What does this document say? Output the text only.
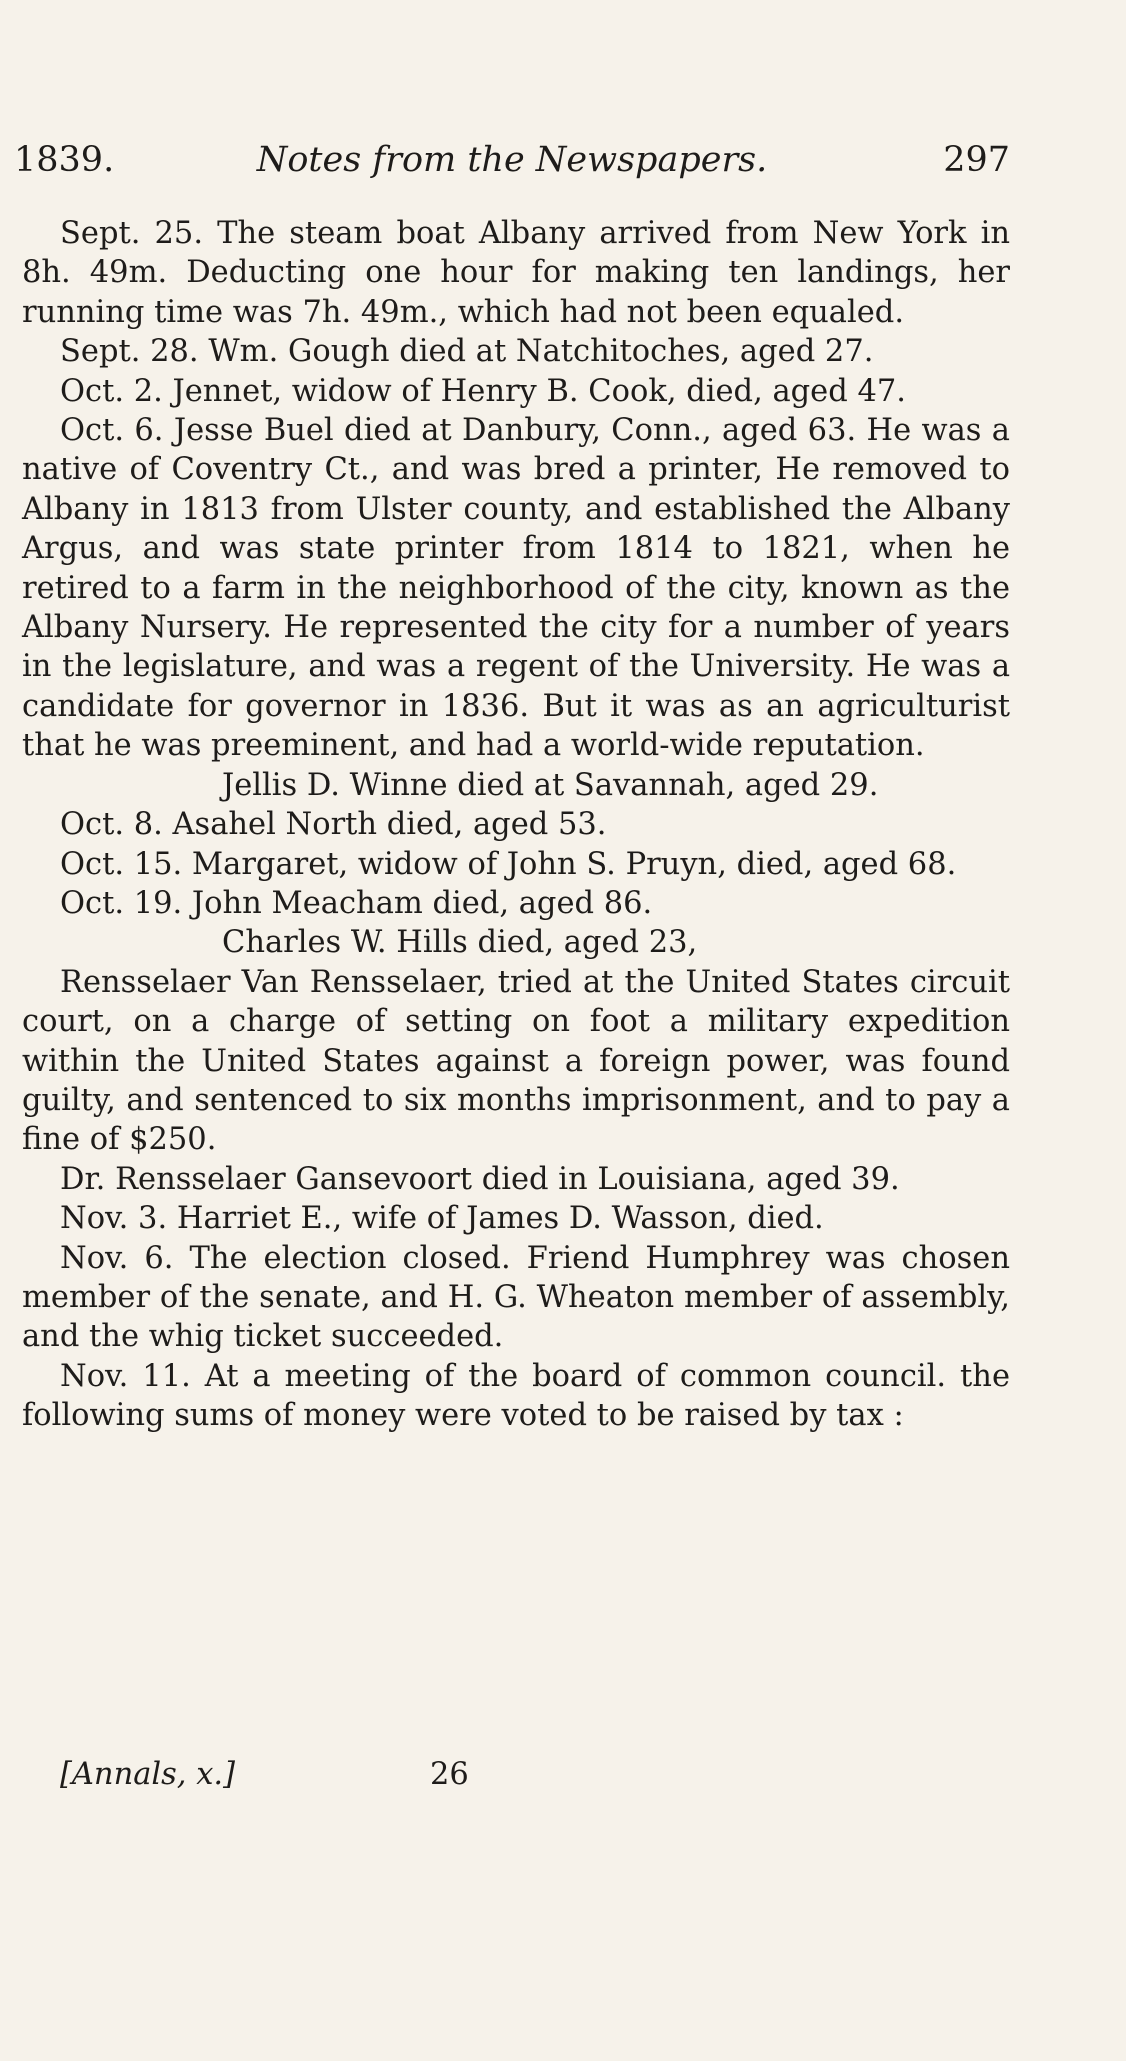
Notes from the Newspapers.
1839.	297

Sept. 25. The steam boat Albany arrived from New York in 8h. 49m. Deducting one hour for making ten landings, her running time was 7h. 49m., which had not been equaled.

Sept. 28. Wm. Gough died at Natchitoches, aged 27.

Oct. 2. Jennet, widow of Henry B. Cook, died, aged 47.

Oct. 6. Jesse Buel died at Danbury, Conn., aged 63. He was a native of Coventry Ct., and was bred a printer, He removed to Albany in 1813 from Ulster county, and established the Albany Argus, and was state printer from 1814 to 1821, when he retired to a farm in the neighborhood of the city, known as the Albany Nursery. He represented the city for a number of years in the legislature, and was a regent of the University. He was a candidate for governor in 1836. But it was as an agriculturist that he was preeminent, and had a world-wide reputation.

Jellis D. Winne died at Savannah, aged 29.

Oct. 8. Asahel North died, aged 53.

Oct. 15. Margaret, widow of John S. Pruyn, died, aged 68.

Oct. 19. John Meacham died, aged 86.

Charles W. Hills died, aged 23,

Rensselaer Van Rensselaer, tried at the United States circuit court, on a charge of setting on foot a military expedition within the United States against a foreign power, was found guilty, and sentenced to six months imprisonment, and to pay a fine of $250.

Dr. Rensselaer Gansevoort died in Louisiana, aged 39.

Nov. 3. Harriet E., wife of James D. Wasson, died.

Nov. 6. The election closed. Friend Humphrey was chosen member of the senate, and H. G. Wheaton member of assembly, and the whig ticket succeeded.

Nov. 11. At a meeting of the board of common council. the following sums of money were voted to be raised by tax :

[Annals, x.]	26
